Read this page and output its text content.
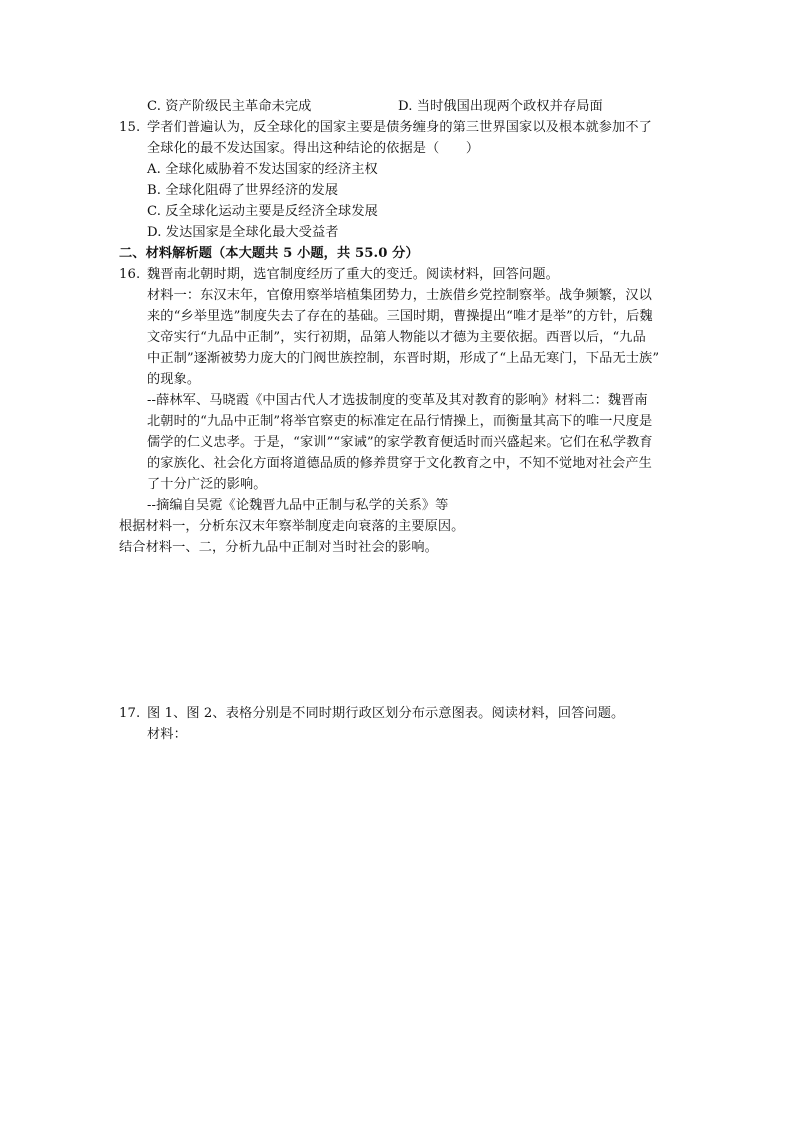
C. 资产阶级民主革命未完成	D. 当时俄国出现两个政权并存局面
15. 学者们普遍认为，反全球化的国家主要是债务缠身的第三世界国家以及根本就参加不了
全球化的最不发达国家。得出这种结论的依据是（　　）
A. 全球化威胁着不发达国家的经济主权
B. 全球化阻碍了世界经济的发展
C. 反全球化运动主要是反经济全球发展
D. 发达国家是全球化最大受益者
二、材料解析题（本大题共 5 小题，共 55.0 分）
16. 魏晋南北朝时期，选官制度经历了重大的变迁。阅读材料，回答问题。
材料一：东汉末年，官僚用察举培植集团势力，士族借乡党控制察举。战争频繁，汉以
来的“乡举里选”制度失去了存在的基础。三国时期，曹操提出“唯才是举”的方针，后魏
文帝实行“九品中正制”，实行初期，品第人物能以才德为主要依据。西晋以后，“九品
中正制”逐渐被势力庞大的门阀世族控制，东晋时期，形成了“上品无寒门，下品无士族”
的现象。
--薛林军、马晓霞《中国古代人才选拔制度的变革及其对教育的影响》材料二：魏晋南
北朝时的“九品中正制”将举官察吏的标准定在品行情操上，而衡量其高下的唯一尺度是
儒学的仁义忠孝。于是，“家训”“家诫”的家学教育便适时而兴盛起来。它们在私学教育
的家族化、社会化方面将道德品质的修养贯穿于文化教育之中，不知不觉地对社会产生
了十分广泛的影响。
--摘编自吴霓《论魏晋九品中正制与私学的关系》等
根据材料一，分析东汉末年察举制度走向衰落的主要原因。
结合材料一、二，分析九品中正制对当时社会的影响。
17. 图 1、图 2、表格分别是不同时期行政区划分布示意图表。阅读材料，回答问题。
材料：
